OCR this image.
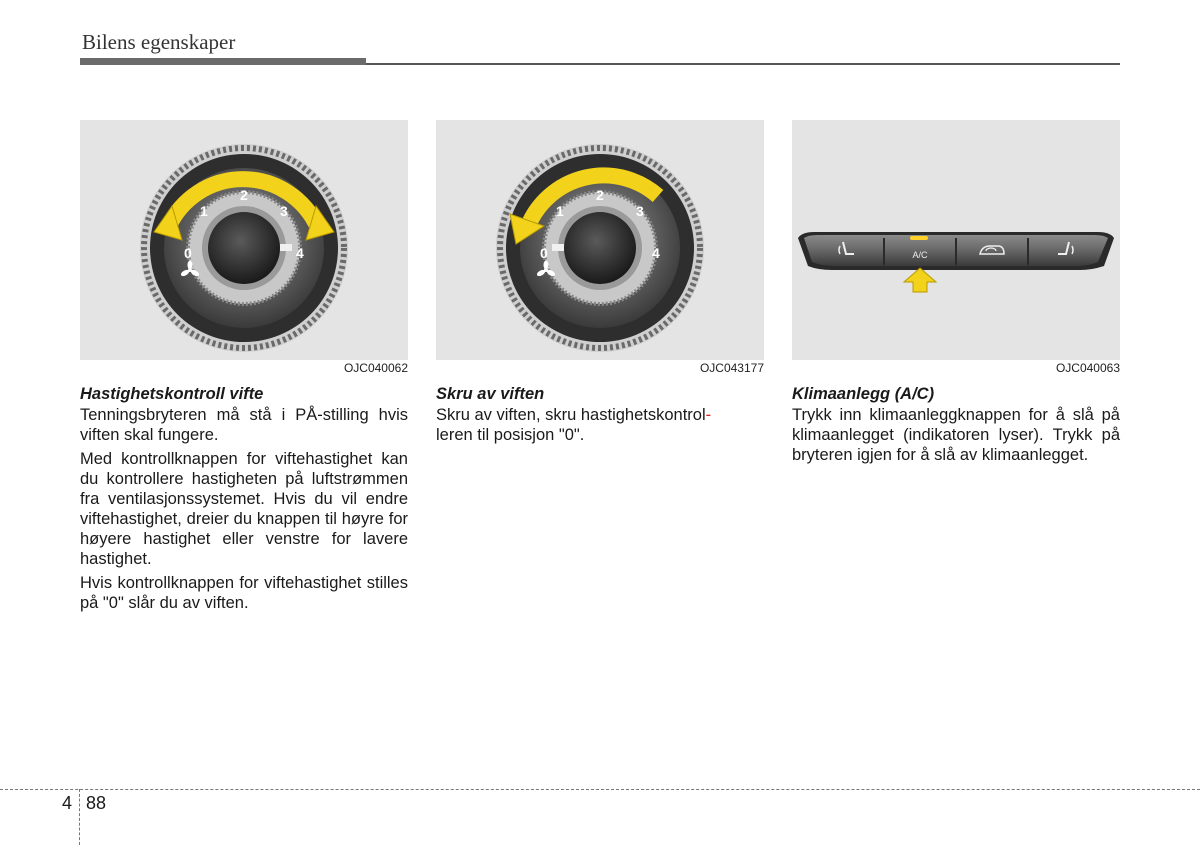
Bilens egenskaper
0
1
2
3
4
OJC040062
0
1
2
3
4
OJC043177
A/C
OJC040063
Hastighetskontroll vifte

Tenningsbryteren må stå i PÅ-stilling hvis viften skal fungere.

Med kontrollknappen for viftehastighet kan du kontrollere hastigheten på luftstrømmen fra ventilasjonssystemet. Hvis du vil endre viftehastighet, dreier du knappen til høyre for høyere hastighet eller venstre for lavere hastighet.

Hvis kontrollknappen for viftehastighet stilles på "0" slår du av viften.

Skru av viften

Skru av viften, skru hastighetskontrol-
leren til posisjon "0".

Klimaanlegg (A/C)

Trykk inn klimaanleggknappen for å slå på klimaanlegget (indikatoren lyser). Trykk på bryteren igjen for å slå av klimaanlegget.

4 88
